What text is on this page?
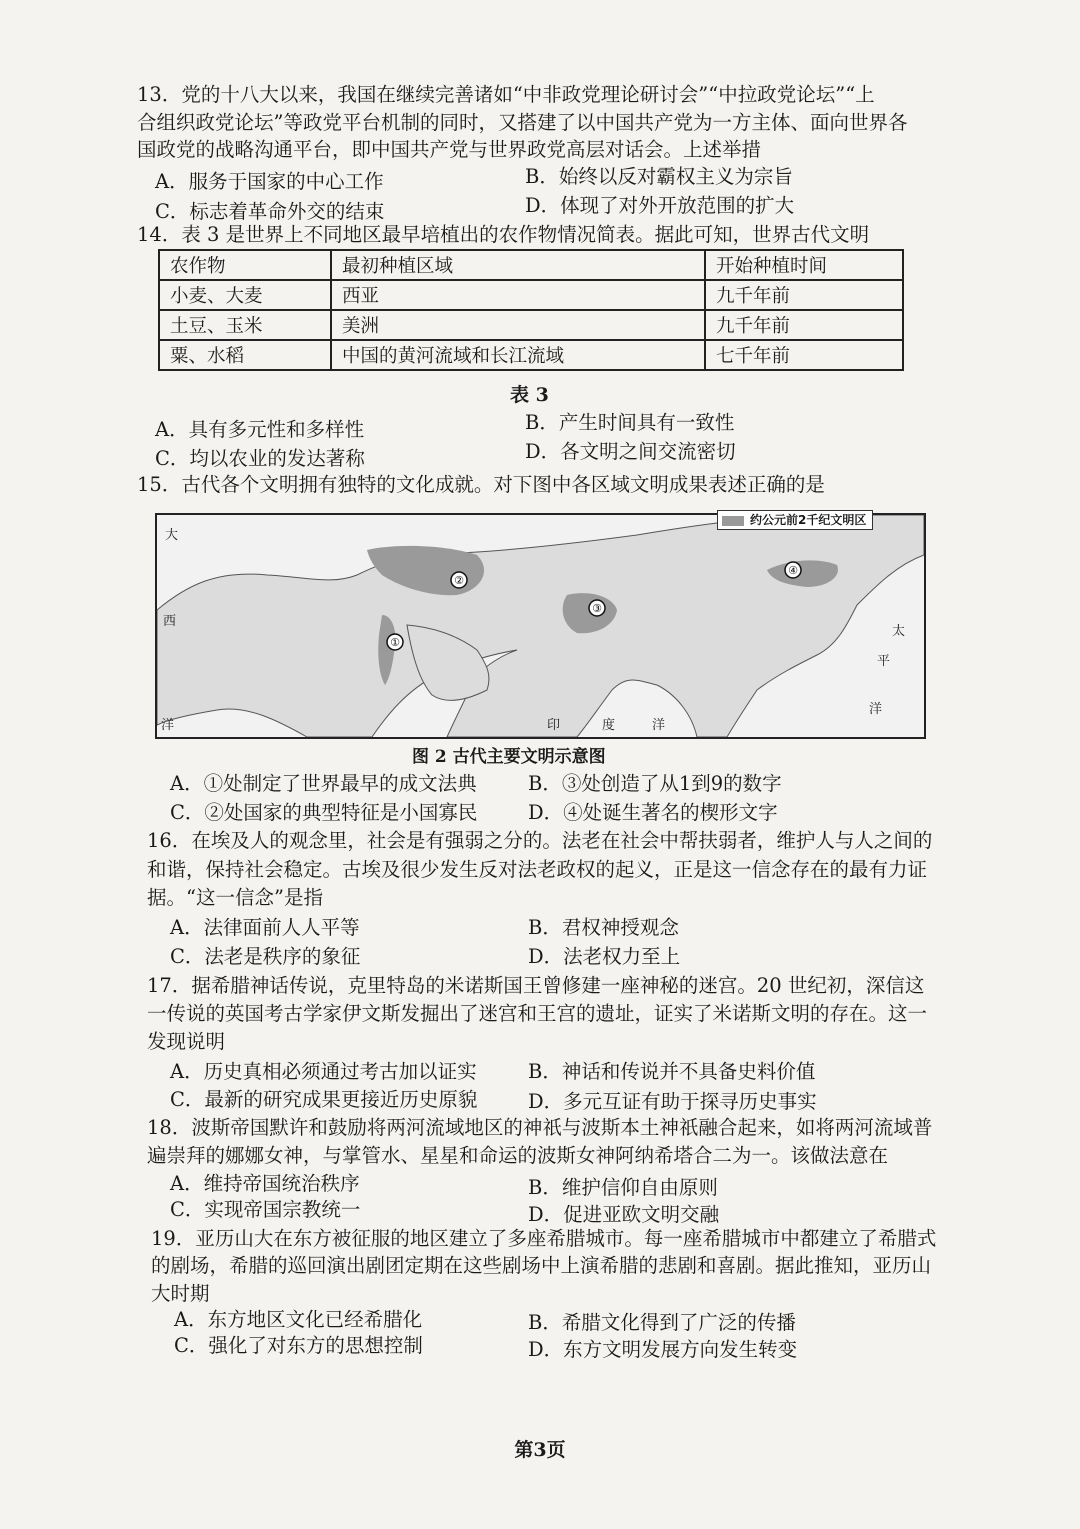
13．党的十八大以来，我国在继续完善诸如“中非政党理论研讨会”“中拉政党论坛”“上
合组织政党论坛”等政党平台机制的同时，又搭建了以中国共产党为一方主体、面向世界各
国政党的战略沟通平台，即中国共产党与世界政党高层对话会。上述举措
A．服务于国家的中心工作	B．始终以反对霸权主义为宗旨
C．标志着革命外交的结束	D．体现了对外开放范围的扩大
14．表 3 是世界上不同地区最早培植出的农作物情况简表。据此可知，世界古代文明
农作物	最初种植区域	开始种植时间
小麦、大麦	西亚	九千年前
土豆、玉米	美洲	九千年前
粟、水稻	中国的黄河流域和长江流域	七千年前
表 3
A．具有多元性和多样性	B．产生时间具有一致性
C．均以农业的发达著称	D．各文明之间交流密切
15．古代各个文明拥有独特的文化成就。对下图中各区域文明成果表述正确的是
①
②
③
④
大
西
洋	印	度	洋
太
平
洋
约公元前2千纪文明区
图 2 古代主要文明示意图
A．①处制定了世界最早的成文法典	B．③处创造了从1到9的数字
C．②处国家的典型特征是小国寡民	D．④处诞生著名的楔形文字
16．在埃及人的观念里，社会是有强弱之分的。法老在社会中帮扶弱者，维护人与人之间的
和谐，保持社会稳定。古埃及很少发生反对法老政权的起义，正是这一信念存在的最有力证
据。“这一信念”是指
A．法律面前人人平等	B．君权神授观念
C．法老是秩序的象征	D．法老权力至上
17．据希腊神话传说，克里特岛的米诺斯国王曾修建一座神秘的迷宫。20 世纪初，深信这
一传说的英国考古学家伊文斯发掘出了迷宫和王宫的遗址，证实了米诺斯文明的存在。这一
发现说明
A．历史真相必须通过考古加以证实	B．神话和传说并不具备史料价值
C．最新的研究成果更接近历史原貌	D．多元互证有助于探寻历史事实
18．波斯帝国默许和鼓励将两河流域地区的神祇与波斯本土神祇融合起来，如将两河流域普
遍崇拜的娜娜女神，与掌管水、星星和命运的波斯女神阿纳希塔合二为一。该做法意在
A．维持帝国统治秩序	B．维护信仰自由原则
C．实现帝国宗教统一	D．促进亚欧文明交融
19．亚历山大在东方被征服的地区建立了多座希腊城市。每一座希腊城市中都建立了希腊式
的剧场，希腊的巡回演出剧团定期在这些剧场中上演希腊的悲剧和喜剧。据此推知，亚历山
大时期
A．东方地区文化已经希腊化	B．希腊文化得到了广泛的传播
C．强化了对东方的思想控制	D．东方文明发展方向发生转变
第3页
